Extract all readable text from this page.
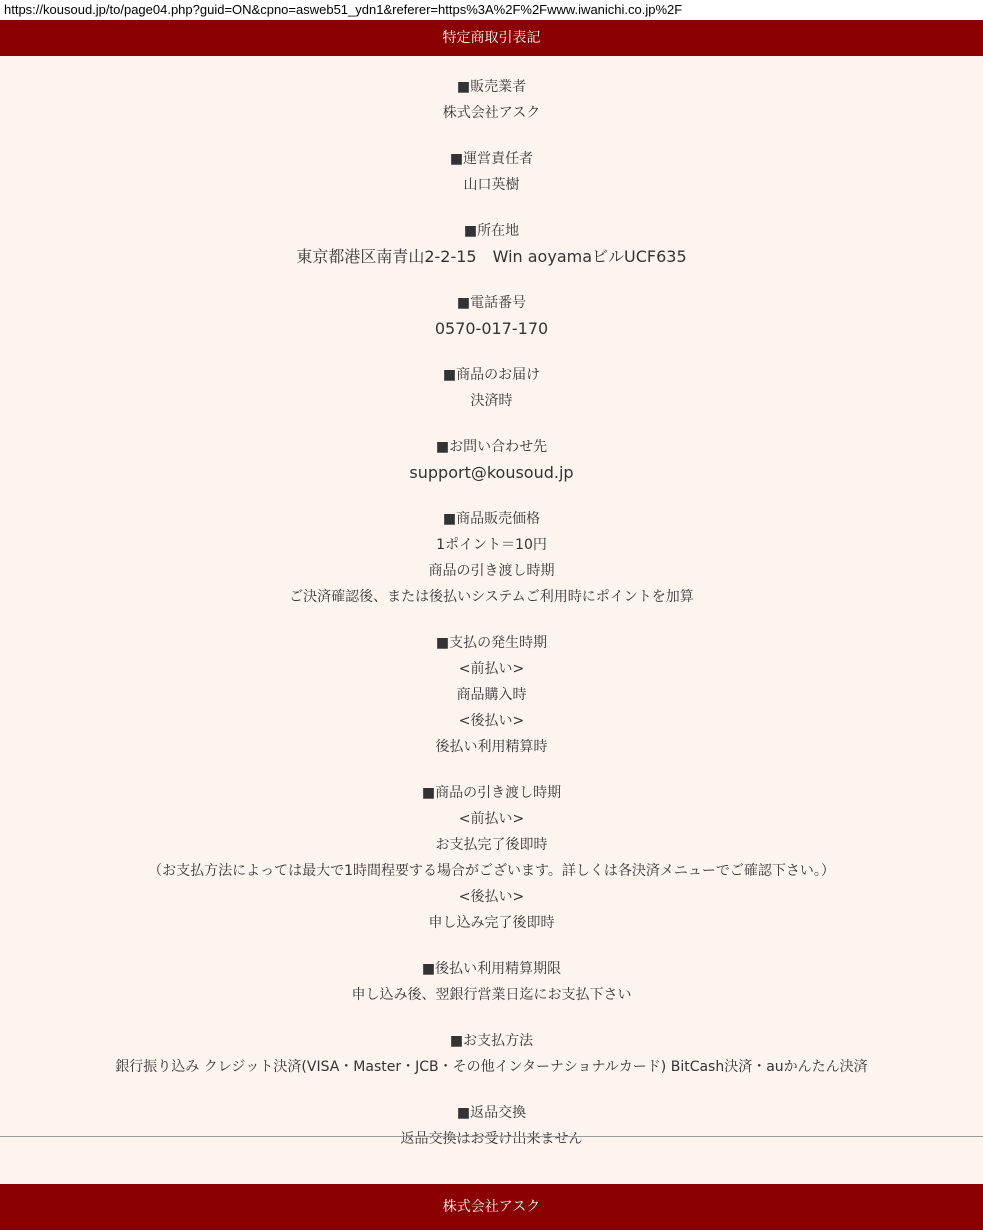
https://kousoud.jp/to/page04.php?guid=ON&cpno=asweb51_ydn1&referer=https%3A%2F%2Fwww.iwanichi.co.jp%2F
特定商取引表記
■販売業者
株式会社アスク
■運営責任者
山口英樹
■所在地
東京都港区南青山2-2-15　Win aoyamaビルUCF635
■電話番号
0570-017-170
■商品のお届け
決済時
■お問い合わせ先
support@kousoud.jp
■商品販売価格
1ポイント＝10円
商品の引き渡し時期
ご決済確認後、または後払いシステムご利用時にポイントを加算
■支払の発生時期
<前払い>
商品購入時
<後払い>
後払い利用精算時
■商品の引き渡し時期
<前払い>
お支払完了後即時
（お支払方法によっては最大で1時間程要する場合がございます。詳しくは各決済メニューでご確認下さい。）
<後払い>
申し込み完了後即時
■後払い利用精算期限
申し込み後、翌銀行営業日迄にお支払下さい
■お支払方法
銀行振り込み クレジット決済(VISA・Master・JCB・その他インターナショナルカード) BitCash決済・auかんたん決済
■返品交換
返品交換はお受け出来ません
株式会社アスク
